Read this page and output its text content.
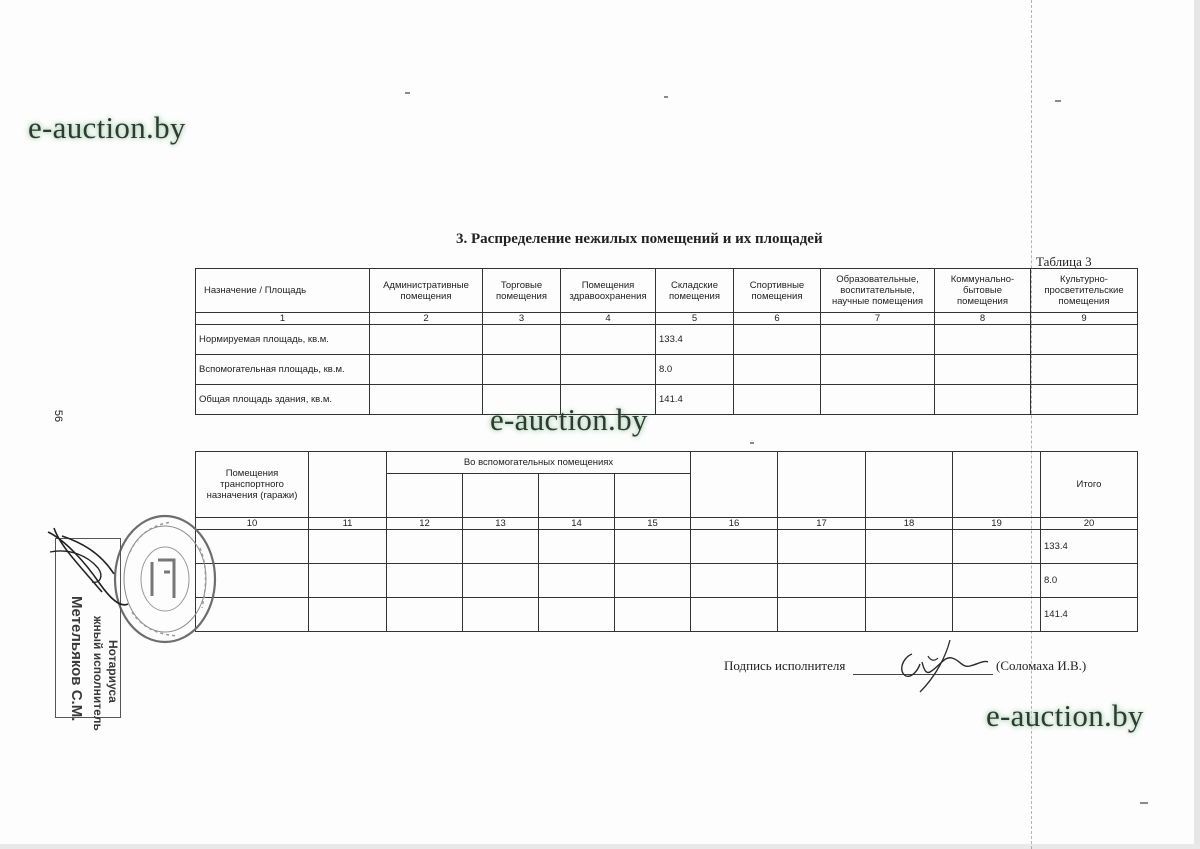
e-auction.by
e-auction.by
e-auction.by
56
3. Распределение нежилых помещений и их площадей
Таблица 3
Назначение / Площадь	Административные помещения	Торговые помещения	Помещения здравоохранения	Складские помещения	Спортивные помещения	Образовательные, воспитательные, научные помещения	Коммунально-бытовые помещения	Культурно-просветительские помещения
1	2	3	4	5	6	7	8	9
Нормируемая площадь, кв.м.				133.4				
Вспомогательная площадь, кв.м.				8.0				
Общая площадь здания, кв.м.				141.4				
Помещения транспортного назначения (гаражи)		Во вспомогательных помещениях								Итого

10	11	12	13	14	15	16	17	18	19	20
										133.4
										8.0
										141.4
Нотариуса
жный исполнитель
Метельяков С.М.	Подпись исполнителя	(Соломаха И.В.)
